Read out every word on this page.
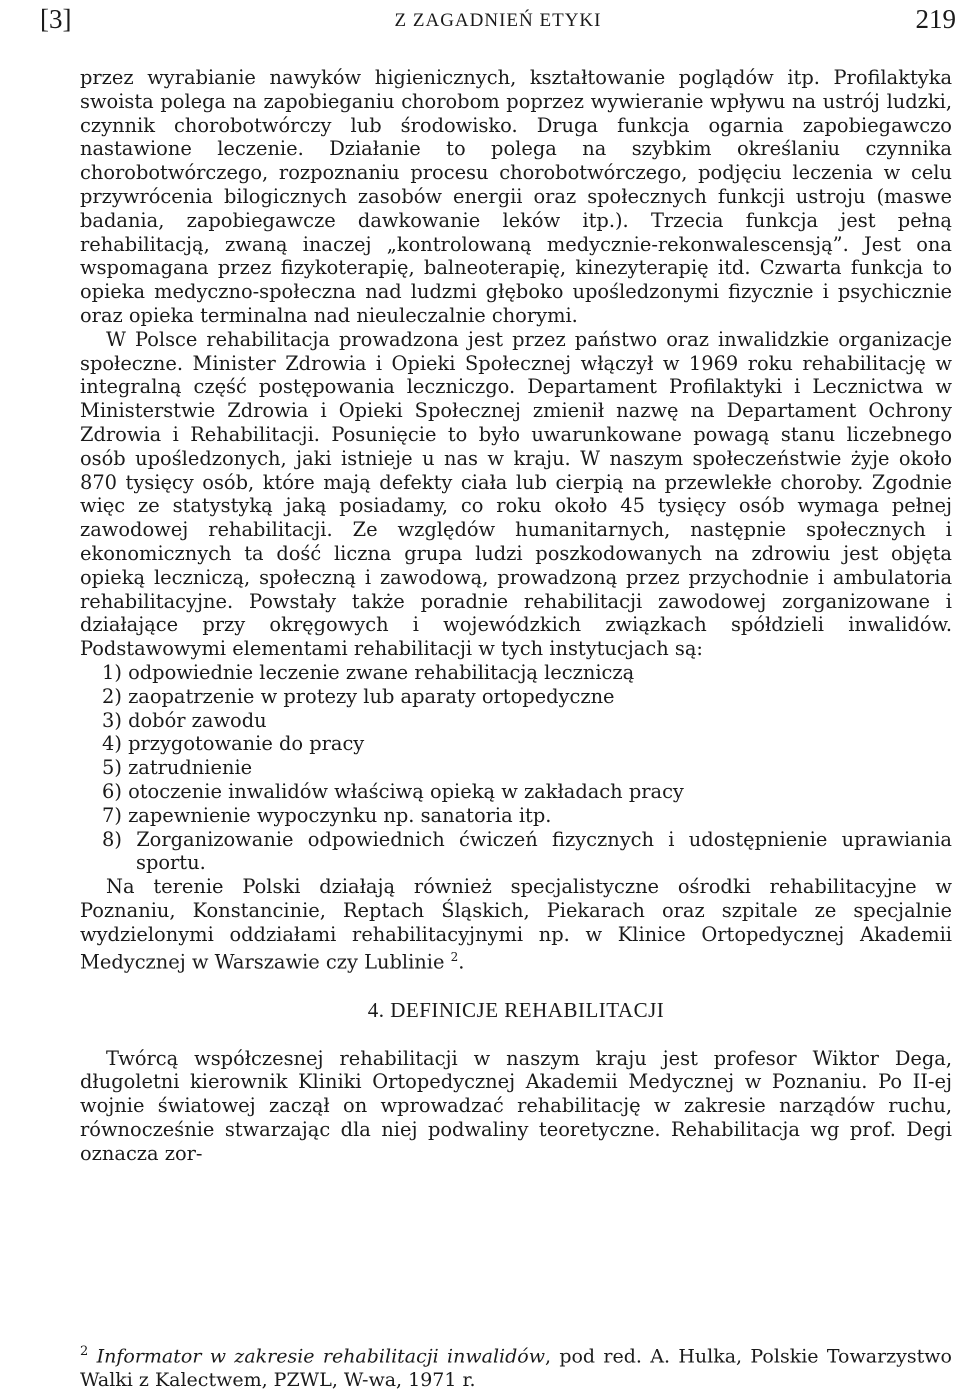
[3]	Z ZAGADNIEŃ ETYKI	219

przez wyrabianie nawyków higienicznych, kształtowanie poglądów itp. Profilaktyka swoista polega na zapobieganiu chorobom poprzez wywieranie wpływu na ustrój ludzki, czynnik chorobotwórczy lub środowisko. Druga funkcja ogarnia zapobiegawczo nastawione leczenie. Działanie to polega na szybkim określaniu czynnika chorobotwórczego, rozpoznaniu procesu chorobotwórczego, podjęciu leczenia w celu przywrócenia bilogicznych zasobów energii oraz społecznych funkcji ustroju (maswe badania, zapobiegawcze dawkowanie leków itp.). Trzecia funkcja jest pełną rehabilitacją, zwaną inaczej „kontrolowaną medycznie-rekonwalescensją”. Jest ona wspomagana przez fizykoterapię, balneoterapię, kinezyterapię itd. Czwarta funkcja to opieka medyczno-społeczna nad ludzmi głęboko upośledzonymi fizycznie i psychicznie oraz opieka terminalna nad nieuleczalnie chorymi.

W Polsce rehabilitacja prowadzona jest przez państwo oraz inwalidzkie organizacje społeczne. Minister Zdrowia i Opieki Społecznej włączył w 1969 roku rehabilitację w integralną część postępowania leczniczgo. Departament Profilaktyki i Lecznictwa w Ministerstwie Zdrowia i Opieki Społecznej zmienił nazwę na Departament Ochrony Zdrowia i Rehabilitacji. Posunięcie to było uwarunkowane powagą stanu liczebnego osób upośledzonych, jaki istnieje u nas w kraju. W naszym społeczeństwie żyje około 870 tysięcy osób, które mają defekty ciała lub cierpią na przewlekłe choroby. Zgodnie więc ze statystyką jaką posiadamy, co roku około 45 tysięcy osób wymaga pełnej zawodowej rehabilitacji. Ze względów humanitarnych, następnie społecznych i ekonomicznych ta dość liczna grupa ludzi poszkodowanych na zdrowiu jest objęta opieką leczniczą, społeczną i zawodową, prowadzoną przez przychodnie i ambulatoria rehabilitacyjne. Powstały także poradnie rehabilitacji zawodowej zorganizowane i działające przy okręgowych i wojewódzkich związkach spółdzieli inwalidów. Podstawowymi elementami rehabilitacji w tych instytucjach są:

1) odpowiednie leczenie zwane rehabilitacją leczniczą
2) zaopatrzenie w protezy lub aparaty ortopedyczne
3) dobór zawodu
4) przygotowanie do pracy
5) zatrudnienie
6) otoczenie inwalidów właściwą opieką w zakładach pracy
7) zapewnienie wypoczynku np. sanatoria itp.
8) Zorganizowanie odpowiednich ćwiczeń fizycznych i udostępnienie uprawiania sportu.

Na terenie Polski działają również specjalistyczne ośrodki rehabilitacyjne w Poznaniu, Konstancinie, Reptach Śląskich, Piekarach oraz szpitale ze specjalnie wydzielonymi oddziałami rehabilitacyjnymi np. w Klinice Ortopedycznej Akademii Medycznej w Warszawie czy Lublinie $^2$.

4. DEFINICJE REHABILITACJI

Twórcą współczesnej rehabilitacji w naszym kraju jest profesor Wiktor Dega, długoletni kierownik Kliniki Ortopedycznej Akademii Medycznej w Poznaniu. Po II-ej wojnie światowej zaczął on wprowadzać rehabilitację w zakresie narządów ruchu, równocześnie stwarzając dla niej podwaliny teoretyczne. Rehabilitacja wg prof. Degi oznacza zor-

$^2$ Informator w zakresie rehabilitacji inwalidów, pod red. A. Hulka, Polskie Towarzystwo Walki z Kalectwem, PZWL, W-wa, 1971 r.
